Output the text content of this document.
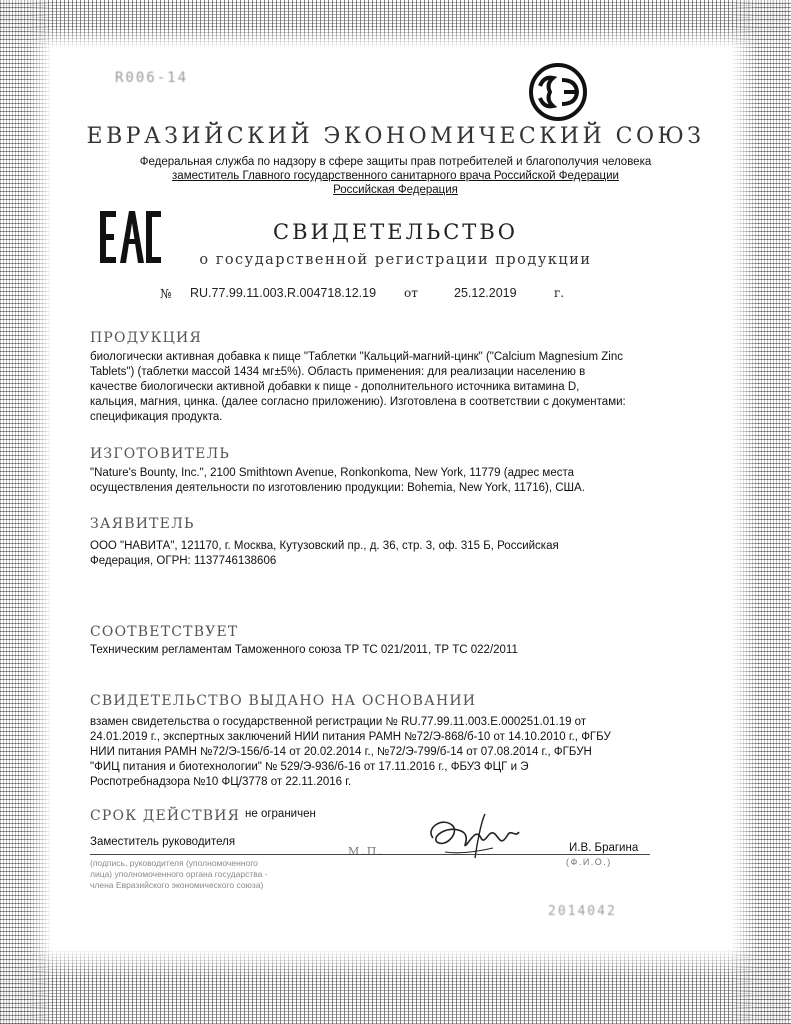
R006-14
ЕВРАЗИЙСКИЙ ЭКОНОМИЧЕСКИЙ СОЮЗ
Федеральная служба по надзору в сфере защиты прав потребителей и благополучия человека
заместитель Главного государственного санитарного врача Российской Федерации
Российская Федерация
СВИДЕТЕЛЬСТВО
о государственной регистрации продукции
№ RU.77.99.11.003.R.004718.12.19 от	25.12.2019	г.
ПРОДУКЦИЯ
биологически активная добавка к пище "Таблетки "Кальций-магний-цинк" ("Calcium Magnesium Zinc
Tablets") (таблетки массой 1434 мг±5%). Область применения: для реализации населению в
качестве биологически активной добавки к пище - дополнительного источника витамина D,
кальция, магния, цинка. (далее согласно приложению). Изготовлена в соответствии с документами:
спецификация продукта.
ИЗГОТОВИТЕЛЬ
"Nature's Bounty, Inc.", 2100 Smithtown Avenue, Ronkonkoma, New York, 11779 (адрес места
осуществления деятельности по изготовлению продукции: Bohemia, New York, 11716), США.
ЗАЯВИТЕЛЬ
ООО "НАВИТА", 121170, г. Москва, Кутузовский пр., д. 36, стр. 3, оф. 315 Б, Российская
Федерация, ОГРН: 1137746138606
СООТВЕТСТВУЕТ
Техническим регламентам Таможенного союза ТР ТС 021/2011, ТР ТС 022/2011
СВИДЕТЕЛЬСТВО ВЫДАНО НА ОСНОВАНИИ
взамен свидетельства о государственной регистрации № RU.77.99.11.003.E.000251.01.19 от
24.01.2019 г., экспертных заключений НИИ питания РАМН №72/Э-868/б-10 от 14.10.2010 г., ФГБУ
НИИ питания РАМН №72/Э-156/б-14 от 20.02.2014 г., №72/Э-799/б-14 от 07.08.2014 г., ФГБУН
"ФИЦ питания и биотехнологии" № 529/Э-936/б-16 от 17.11.2016 г., ФБУЗ ФЦГ и Э
Роспотребнадзора №10 ФЦ/3778 от 22.11.2016 г.
СРОК ДЕЙСТВИЯ не ограничен
Заместитель руководителя
М.П.	И.В. Брагина
(Ф.И.О.)
(подпись, руководителя (уполномоченного
лица) уполномоченного органа государства -
члена Евразийского экономического союза)
2014042
